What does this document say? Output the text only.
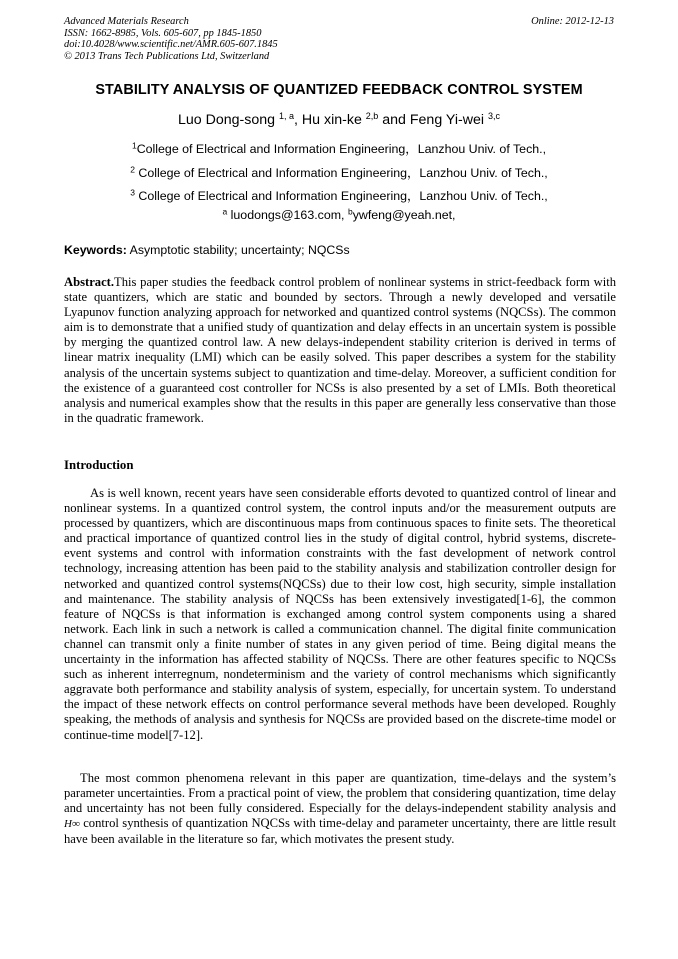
Advanced Materials Research
ISSN: 1662-8985, Vols. 605-607, pp 1845-1850
doi:10.4028/www.scientific.net/AMR.605-607.1845
© 2013 Trans Tech Publications Ltd, Switzerland
Online: 2012-12-13
STABILITY ANALYSIS OF QUANTIZED FEEDBACK CONTROL SYSTEM
Luo Dong-song $^{1, a}$, Hu xin-ke $^{2,b}$ and Feng Yi-wei $^{3,c}$
$^1$College of Electrical and Information Engineering，Lanzhou Univ. of Tech.,
$^2$ College of Electrical and Information Engineering，Lanzhou Univ. of Tech.,
$^3$ College of Electrical and Information Engineering，Lanzhou Univ. of Tech.,
$^a$ luodongs@163.com, $^b$ywfeng@yeah.net,
Keywords: Asymptotic stability; uncertainty; NQCSs
Abstract.This paper studies the feedback control problem of nonlinear systems in strict-feedback form with state quantizers, which are static and bounded by sectors. Through a newly developed and versatile Lyapunov function analyzing approach for networked and quantized control systems (NQCSs). The common aim is to demonstrate that a unified study of quantization and delay effects in an uncertain system is possible by merging the quantized control law. A new delays-independent stability criterion is derived in terms of linear matrix inequality (LMI) which can be easily solved. This paper describes a system for the stability analysis of the uncertain systems subject to quantization and time-delay. Moreover, a sufficient condition for the existence of a guaranteed cost controller for NCSs is also presented by a set of LMIs. Both theoretical analysis and numerical examples show that the results in this paper are generally less conservative than those in the quadratic framework.
Introduction
As is well known, recent years have seen considerable efforts devoted to quantized control of linear and nonlinear systems. In a quantized control system, the control inputs and/or the measurement outputs are processed by quantizers, which are discontinuous maps from continuous spaces to finite sets. The theoretical and practical importance of quantized control lies in the study of digital control, hybrid systems, discrete-event systems and control with information constraints with the fast development of network control technology, increasing attention has been paid to the stability analysis and stabilization controller design for networked and quantized control systems(NQCSs) due to their low cost, high security, simple installation and maintenance. The stability analysis of NQCSs has been extensively investigated[1-6], the common feature of NQCSs is that information is exchanged among control system components using a shared network. Each link in such a network is called a communication channel. The digital finite communication channel can transmit only a finite number of states in any given period of time. Being digital means the uncertainty in the information has affected stability of NQCSs. There are other features specific to NQCSs such as inherent interregnum, nondeterminism and the variety of control mechanisms which significantly aggravate both performance and stability analysis of system, especially, for uncertain system. To understand the impact of these network effects on control performance several methods have been developed. Roughly speaking, the methods of analysis and synthesis for NQCSs are provided based on the discrete-time model or continue-time model[7-12].
The most common phenomena relevant in this paper are quantization, time-delays and the system’s parameter uncertainties. From a practical point of view, the problem that considering quantization, time delay and uncertainty has not been fully considered. Especially for the delays-independent stability analysis and H∞ control synthesis of quantization NQCSs with time-delay and parameter uncertainty, there are little result have been available in the literature so far, which motivates the present study.
